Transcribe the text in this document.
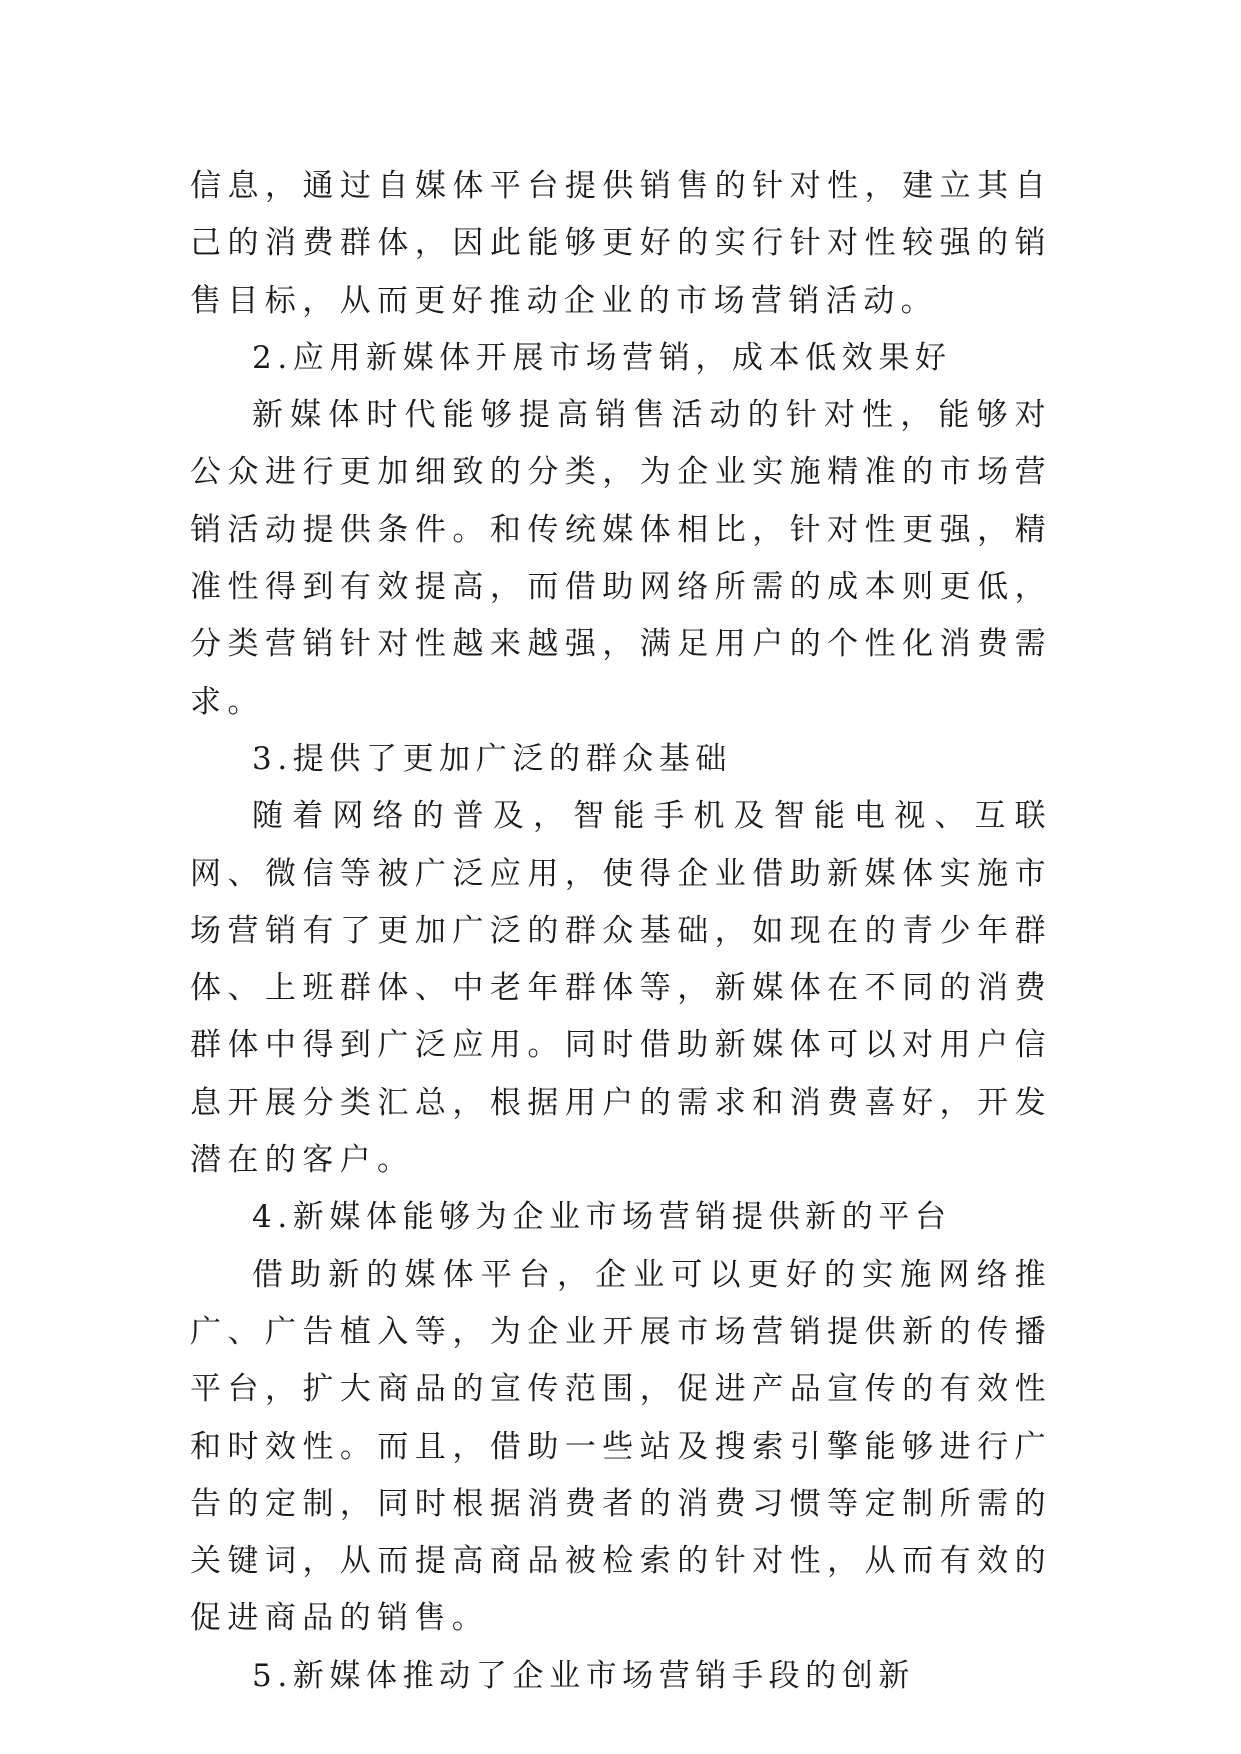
信息，通过自媒体平台提供销售的针对性，建立其自己的消费群体，因此能够更好的实行针对性较强的销售目标，从而更好推动企业的市场营销活动。

2.应用新媒体开展市场营销，成本低效果好

新媒体时代能够提高销售活动的针对性，能够对公众进行更加细致的分类，为企业实施精准的市场营销活动提供条件。和传统媒体相比，针对性更强，精准性得到有效提高，而借助网络所需的成本则更低，分类营销针对性越来越强，满足用户的个性化消费需求。

3.提供了更加广泛的群众基础

随着网络的普及，智能手机及智能电视、互联网、微信等被广泛应用，使得企业借助新媒体实施市场营销有了更加广泛的群众基础，如现在的青少年群体、上班群体、中老年群体等，新媒体在不同的消费群体中得到广泛应用。同时借助新媒体可以对用户信息开展分类汇总，根据用户的需求和消费喜好，开发潜在的客户。

4.新媒体能够为企业市场营销提供新的平台

借助新的媒体平台，企业可以更好的实施网络推广、广告植入等，为企业开展市场营销提供新的传播平台，扩大商品的宣传范围，促进产品宣传的有效性和时效性。而且，借助一些站及搜索引擎能够进行广告的定制，同时根据消费者的消费习惯等定制所需的关键词，从而提高商品被检索的针对性，从而有效的促进商品的销售。

5.新媒体推动了企业市场营销手段的创新
